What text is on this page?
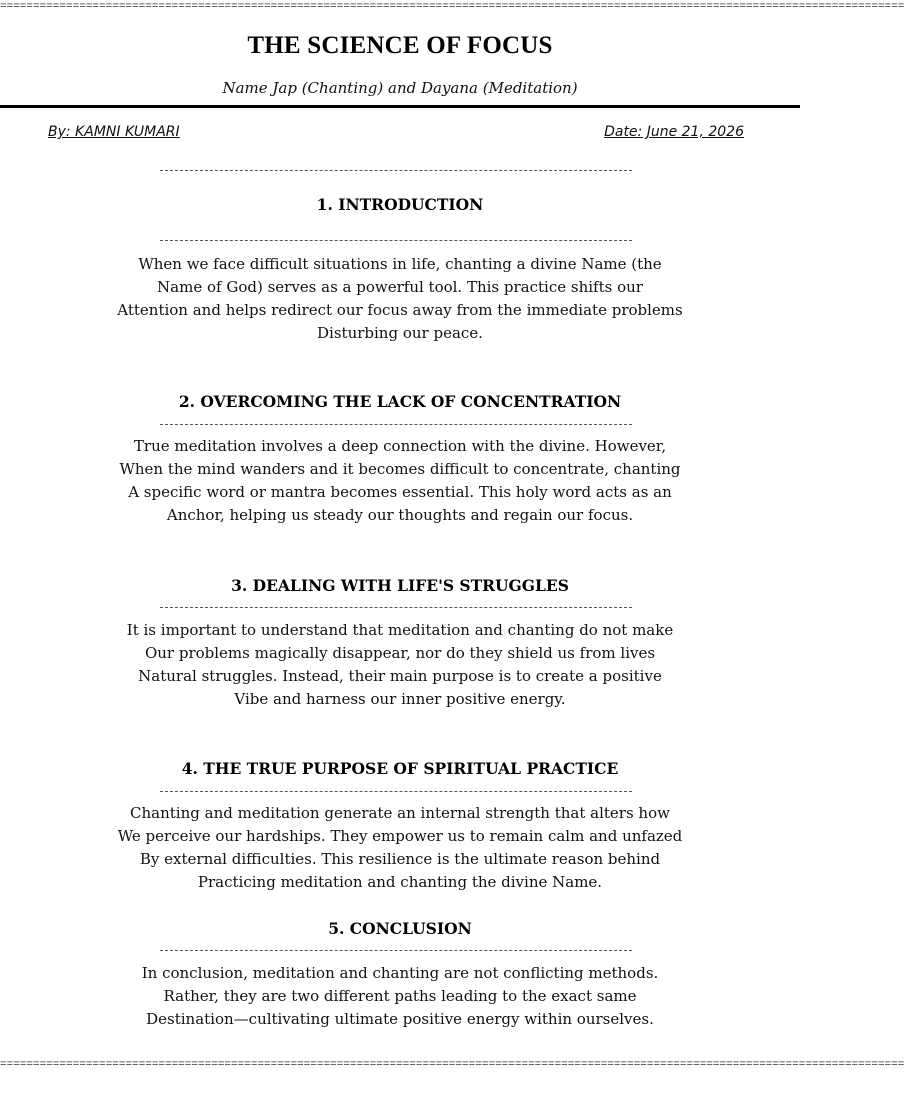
=========================================================================================================================================
THE SCIENCE OF FOCUS
Name Jap (Chanting) and Dayana (Meditation)
By: KAMNI KUMARI	Date: June 21, 2026
1. INTRODUCTION
When we face difficult situations in life, chanting a divine Name (the
Name of God) serves as a powerful tool. This practice shifts our
Attention and helps redirect our focus away from the immediate problems
Disturbing our peace.
2. OVERCOMING THE LACK OF CONCENTRATION
True meditation involves a deep connection with the divine. However,
When the mind wanders and it becomes difficult to concentrate, chanting
A specific word or mantra becomes essential. This holy word acts as an
Anchor, helping us steady our thoughts and regain our focus.
3. DEALING WITH LIFE'S STRUGGLES
It is important to understand that meditation and chanting do not make
Our problems magically disappear, nor do they shield us from lives
Natural struggles. Instead, their main purpose is to create a positive
Vibe and harness our inner positive energy.
4. THE TRUE PURPOSE OF SPIRITUAL PRACTICE
Chanting and meditation generate an internal strength that alters how
We perceive our hardships. They empower us to remain calm and unfazed
By external difficulties. This resilience is the ultimate reason behind
Practicing meditation and chanting the divine Name.
5. CONCLUSION
In conclusion, meditation and chanting are not conflicting methods.
Rather, they are two different paths leading to the exact same
Destination—cultivating ultimate positive energy within ourselves.
=========================================================================================================================================
